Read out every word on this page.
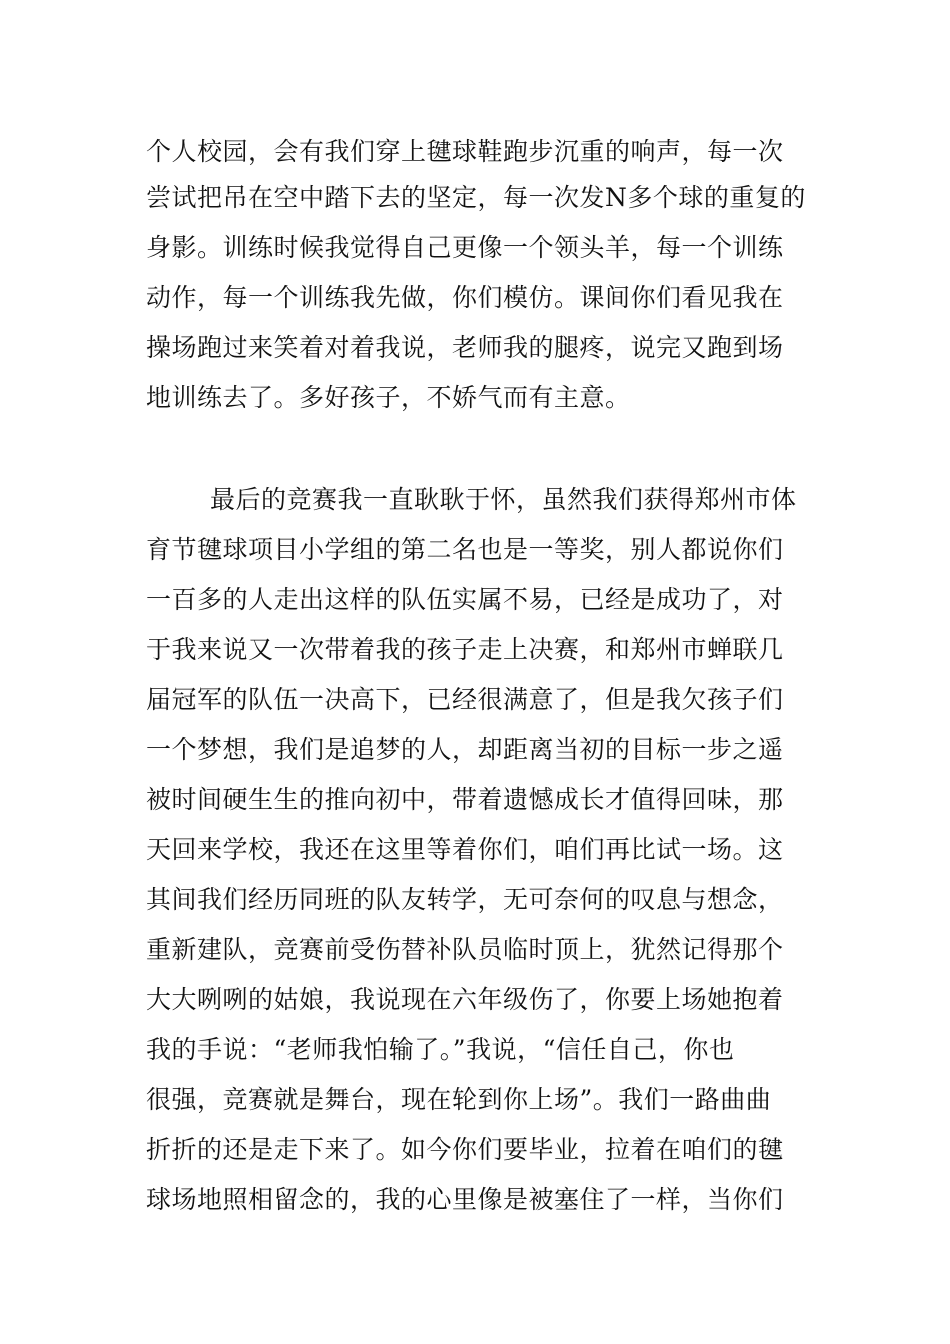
个人校园，会有我们穿上毽球鞋跑步沉重的响声，每一次
尝试把吊在空中踏下去的坚定，每一次发N多个球的重复的
身影。训练时候我觉得自己更像一个领头羊，每一个训练
动作，每一个训练我先做，你们模仿。课间你们看见我在
操场跑过来笑着对着我说，老师我的腿疼，说完又跑到场
地训练去了。多好孩子，不娇气而有主意。
最后的竞赛我一直耿耿于怀，虽然我们获得郑州市体
育节毽球项目小学组的第二名也是一等奖，别人都说你们
一百多的人走出这样的队伍实属不易，已经是成功了，对
于我来说又一次带着我的孩子走上决赛，和郑州市蝉联几
届冠军的队伍一决高下，已经很满意了，但是我欠孩子们
一个梦想，我们是追梦的人，却距离当初的目标一步之遥
被时间硬生生的推向初中，带着遗憾成长才值得回味，那
天回来学校，我还在这里等着你们，咱们再比试一场。这
其间我们经历同班的队友转学，无可奈何的叹息与想念，
重新建队，竞赛前受伤替补队员临时顶上，犹然记得那个
大大咧咧的姑娘，我说现在六年级伤了，你要上场她抱着
我的手说：“老师我怕输了。”我说，“信任自己，你也
很强，竞赛就是舞台，现在轮到你上场”。我们一路曲曲
折折的还是走下来了。如今你们要毕业，拉着在咱们的毽
球场地照相留念的，我的心里像是被塞住了一样，当你们
